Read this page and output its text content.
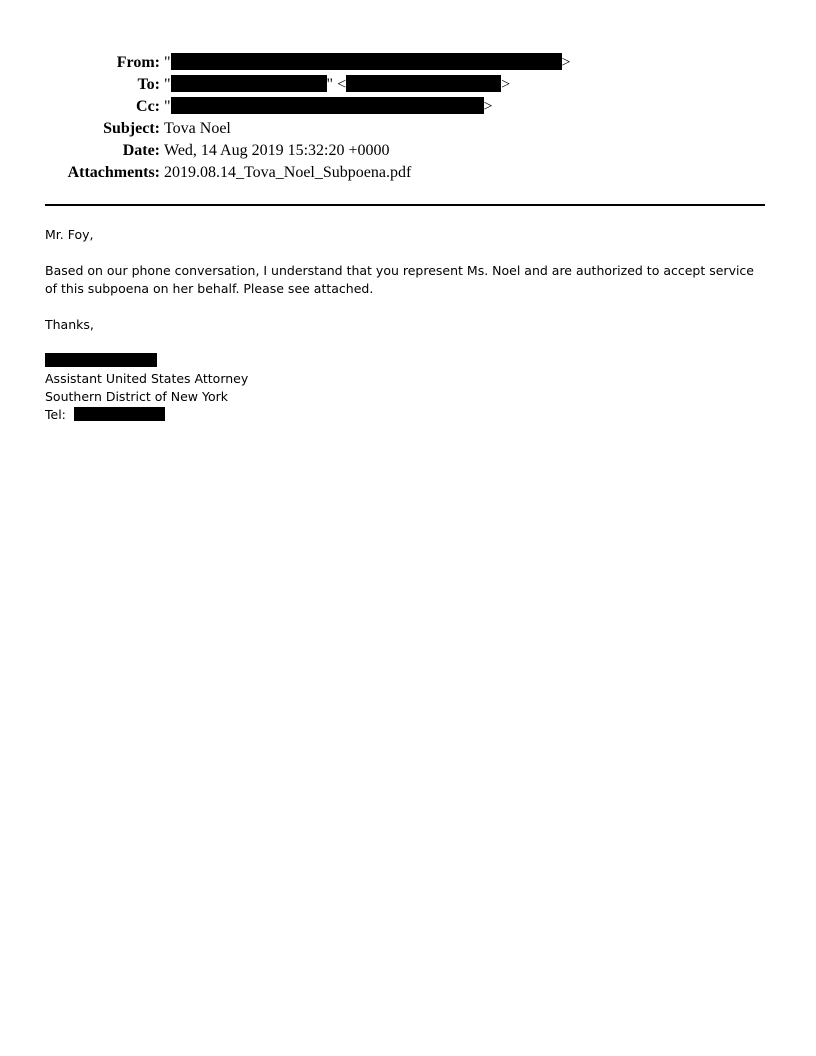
From: "	>
To: "	" <	>
Cc: "	>
Subject: Tova Noel
Date: Wed, 14 Aug 2019 15:32:20 +0000
Attachments: 2019.08.14_Tova_Noel_Subpoena.pdf

Mr. Foy,

Based on our phone conversation, I understand that you represent Ms. Noel and are authorized to accept service of this subpoena on her behalf. Please see attached.

Thanks,

Assistant United States Attorney
Southern District of New York
Tel:
